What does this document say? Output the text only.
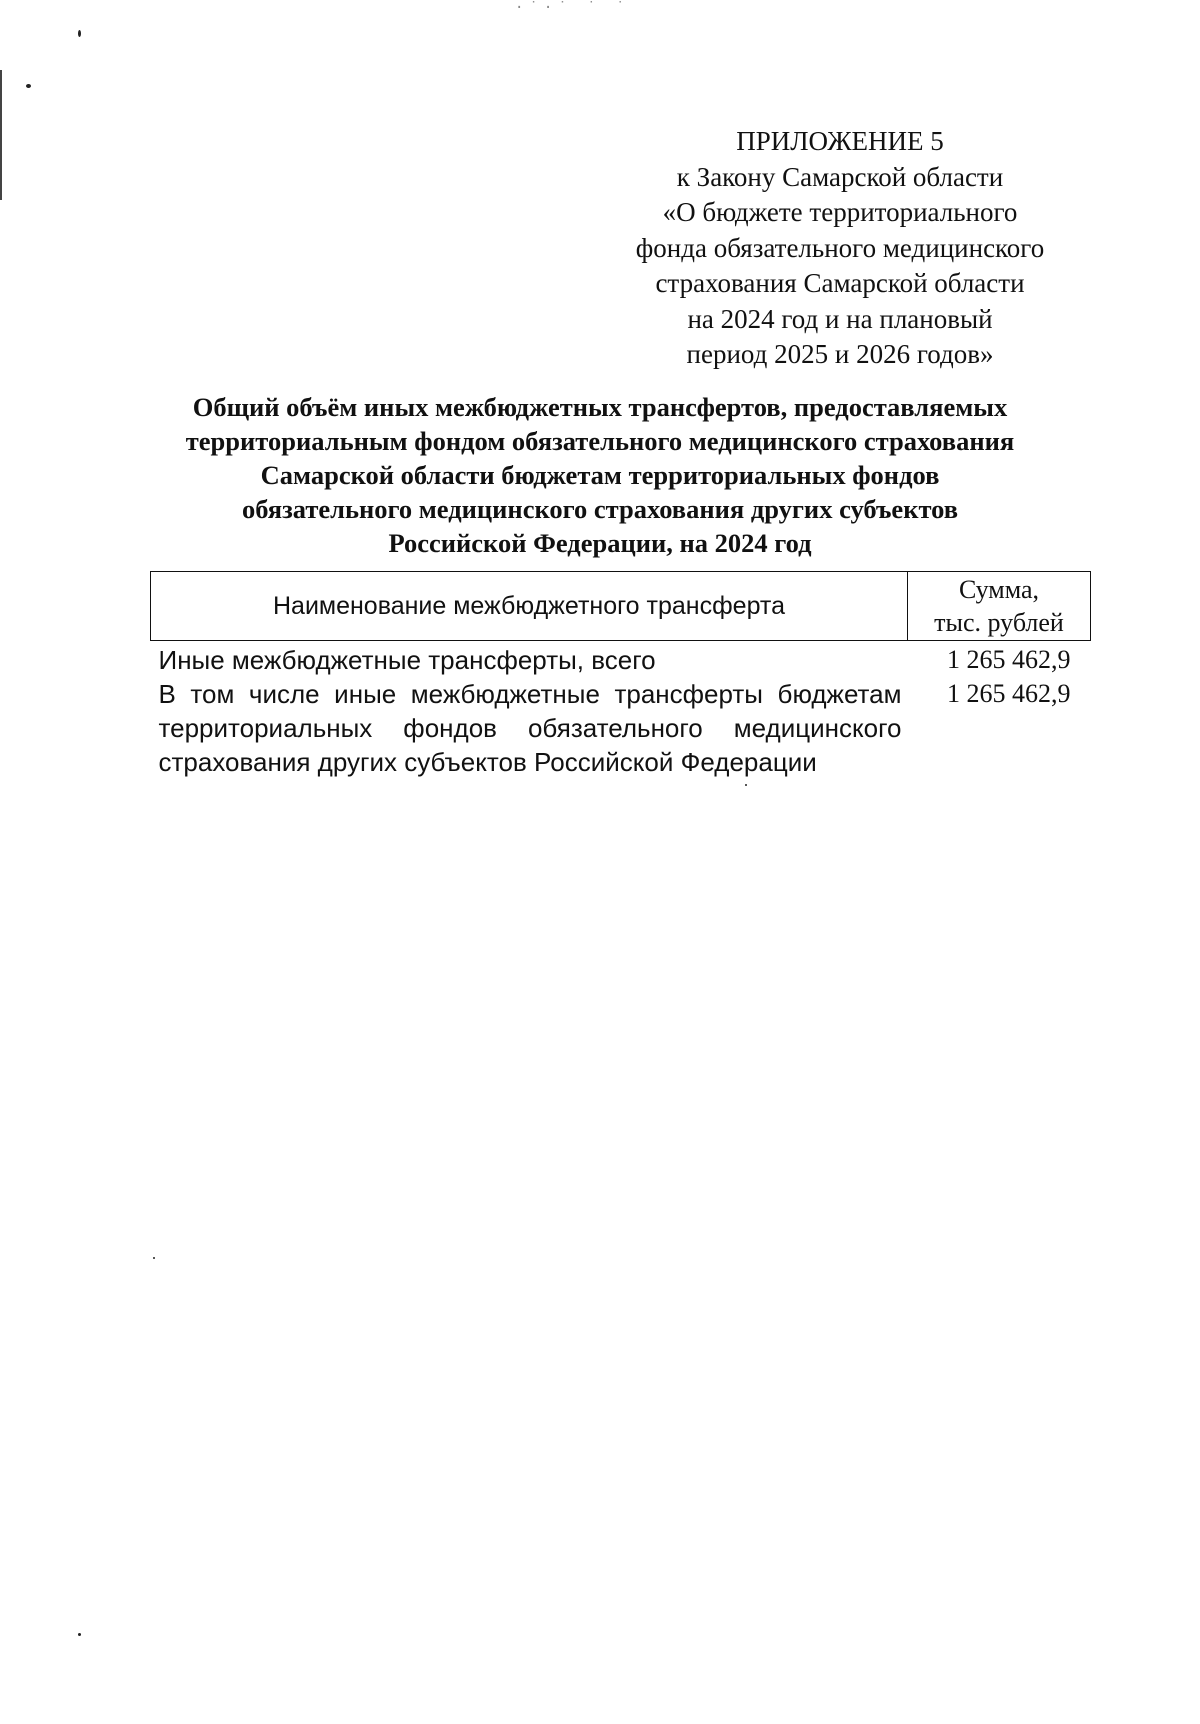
·˙·˙ ˙ ˙
ПРИЛОЖЕНИЕ 5
к Закону Самарской области
«О бюджете территориального
фонда обязательного медицинского
страхования Самарской области
на 2024 год и на плановый
период 2025 и 2026 годов»
Общий объём иных межбюджетных трансфертов, предоставляемых
территориальным фондом обязательного медицинского страхования
Самарской области бюджетам территориальных фондов
обязательного медицинского страхования других субъектов
Российской Федерации, на 2024 год
Наименование межбюджетного трансферта	Сумма,
тыс. рублей

Иные межбюджетные трансферты, всего	1 265 462,9
В том числе иные межбюджетные трансферты бюджетам территориальных фондов обязательного медицинского страхования других субъектов Российской Федерации	1 265 462,9
